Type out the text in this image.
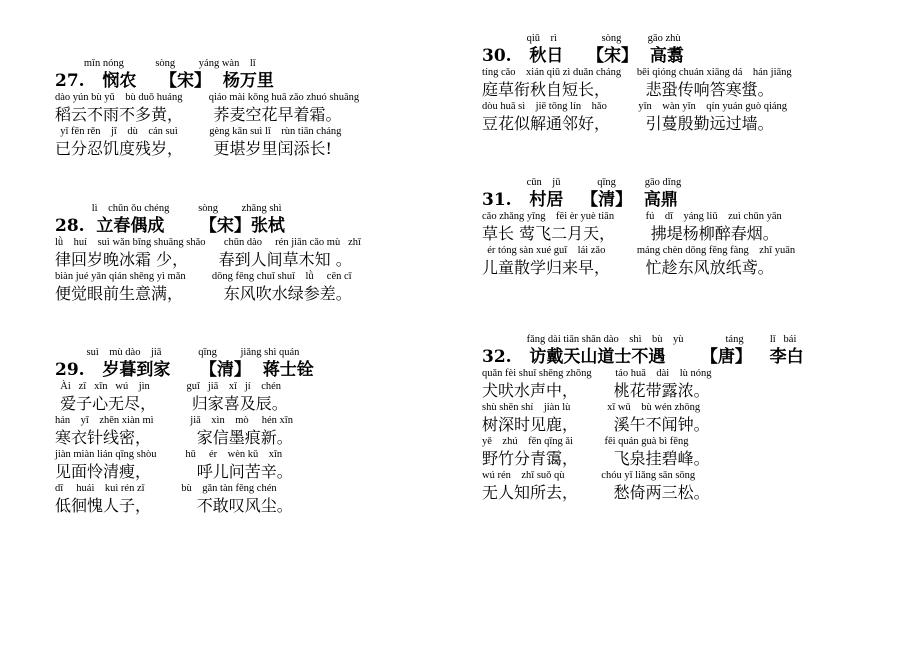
mǐn nóng            sòng         yáng wàn    lǐ
27.   悯农    【宋】  杨万里
dào yún bù yǔ    bù duō huáng          qiáo mài kōng huā zǎo zhuó shuāng
稻云不雨不多黄，      荞麦空花早着霜。
yǐ fēn rěn    jī    dù    cán suì            gèng kān suì lǐ    rùn tiān cháng
已分忍饥度残岁，      更堪岁里闰添长!
lì    chūn ǒu chéng           sòng         zhāng shì
28.  立春偶成      【宋】张栻
lǜ    huí    suì wǎn bīng shuāng shǎo       chūn dào     rén jiān cǎo mù   zhī
律回岁晚冰霜 少，      春到人间草木知 。
biàn jué yǎn qián shēng yì mǎn          dōng fēng chuī shuǐ    lǜ     cēn cī
便觉眼前生意满，        东风吹水绿参差。
suì    mù dào    jiā              qīng         jiǎng shì quán
29.   岁暮到家     【清】  蒋士铨
Ài   zǐ   xīn   wú    jìn              guī   jiā    xǐ   jí    chén
爱子心无尽，       归家喜及辰。
hán    yī    zhēn xiàn mì              jiā    xìn    mò     hén xīn
寒衣针线密，         家信墨痕新。
jiàn miàn lián qīng shòu           hū     ér    wèn kǔ    xīn
见面怜清瘦，         呼儿问苦辛。
dī     huái    kuì rén zǐ              bù    gǎn tàn fēng chén
低徊愧人子，         不敢叹风尘。
qiū    rì                 sòng          gāo zhù
30.   秋日    【宋】  高翥
tíng cǎo    xián qiū zì duǎn cháng      bēi qióng chuán xiāng dá    hán jiāng
庭草衔秋自短长，       悲蛩传响答寒螀。
dòu huā sì    jiē tōng lín    hǎo            yǐn    wàn yǐn    qín yuán guò qiáng
豆花似解通邻好，       引蔓殷勤远过墙。
cūn    jū              qīng           gāo dǐng
31.   村居   【清】  高鼎
cǎo zhǎng yīng    fēi èr yuè tiān            fú    dī    yáng liǔ    zuì chūn yān
草长 莺飞二月天，       拂堤杨柳醉春烟。
ér tóng sàn xué guī    lái zǎo            máng chèn dōng fēng fàng    zhǐ yuān
儿童散学归来早，       忙趁东风放纸鸢。
fǎng dài tiān shān dào    shì    bù    yù                táng          lǐ   bái
32.   访戴天山道士不遇      【唐】   李白
quǎn fèi shuǐ shēng zhōng         táo huā    dài    lù nóng
犬吠水声中，       桃花带露浓。
shù shēn shí    jiàn lù              xī wǔ    bù wén zhōng
树深时见鹿，       溪午不闻钟。
yě    zhú    fēn qīng ǎi            fēi quán guà bì fēng
野竹分青霭，       飞泉挂碧峰。
wú rén    zhī suǒ qù              chóu yǐ liǎng sān sōng
无人知所去，       愁倚两三松。
